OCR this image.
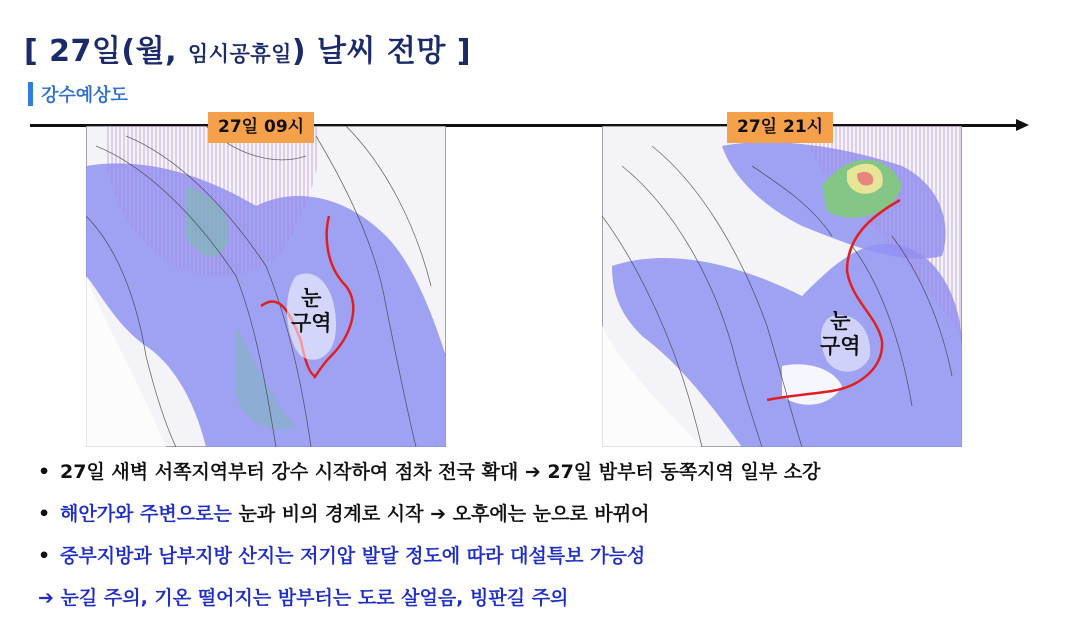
[ 27일(월, 임시공휴일) 날씨 전망 ]
강수예상도
눈
구역	눈
구역
27일 09시	27일 21시
• 27일 새벽 서쪽지역부터 강수 시작하여 점차 전국 확대 ➔ 27일 밤부터 동쪽지역 일부 소강
• 해안가와 주변으로는 눈과 비의 경계로 시작 ➔ 오후에는 눈으로 바뀌어
• 중부지방과 남부지방 산지는 저기압 발달 정도에 따라 대설특보 가능성
➔ 눈길 주의, 기온 떨어지는 밤부터는 도로 살얼음, 빙판길 주의
